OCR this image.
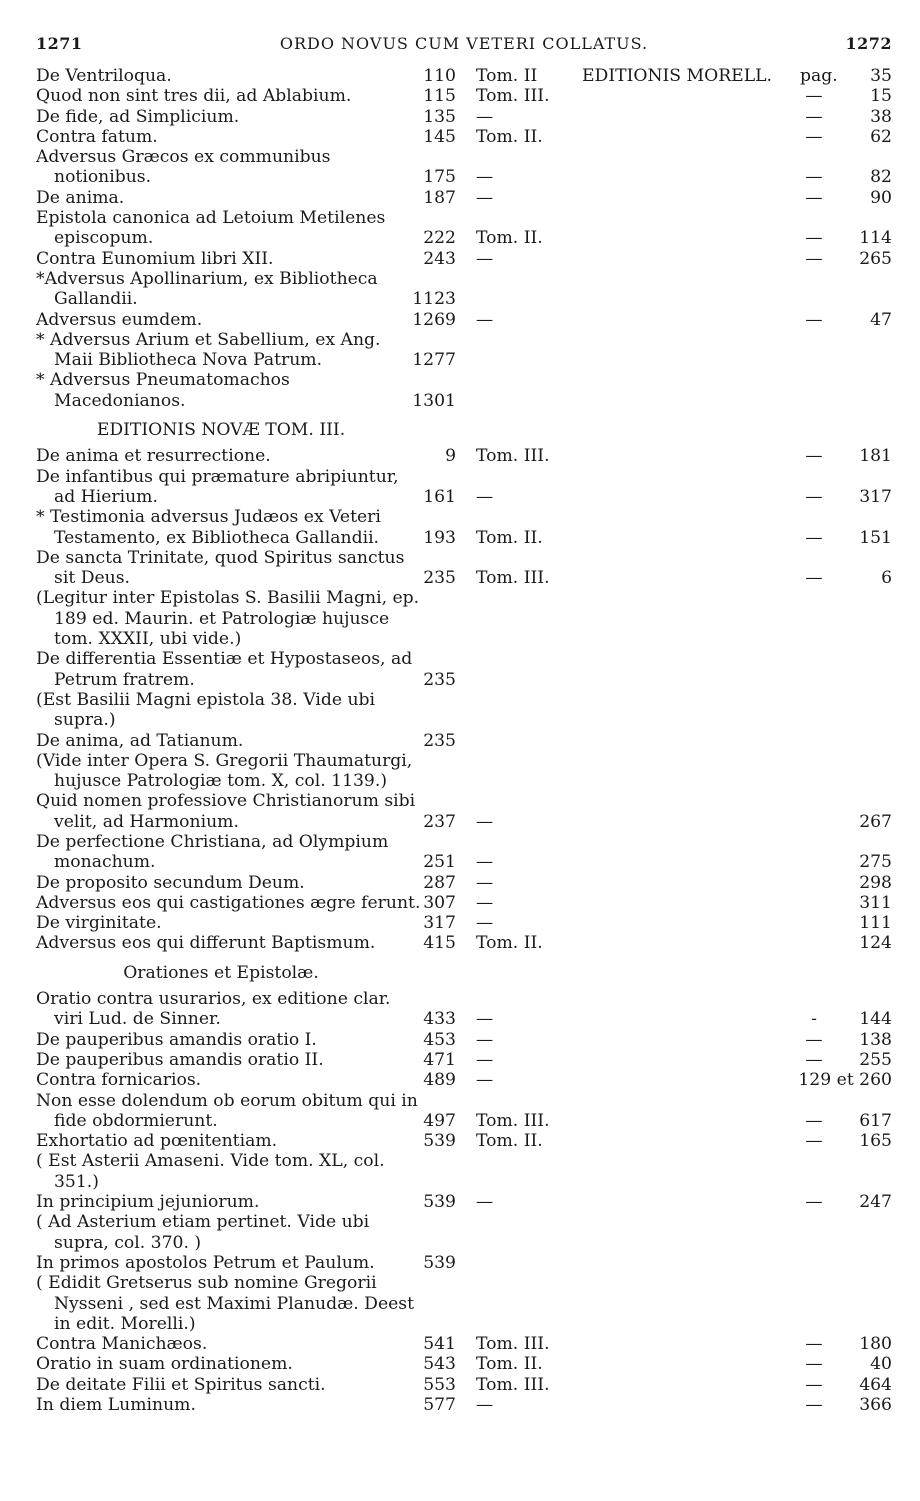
1271	ORDO NOVUS CUM VETERI COLLATUS.	1272
De Ventriloqua.	110 Tom. II	EDITIONIS MORELL.	pag.	35
Quod non sint tres dii, ad Ablabium.	115 Tom. III.	—	15
De fide, ad Simplicium.	135 —	—	38
Contra fatum.	145 Tom. II.	—	62
Adversus Græcos ex communibus notionibus.	175 —	—	82
De anima.	187 —	—	90
Epistola canonica ad Letoium Metilenes episcopum.	222 Tom. II.	—	114
Contra Eunomium libri XII.	243 —	—	265
*Adversus Apollinarium, ex Bibliotheca Gallandii.	1123
Adversus eumdem.	1269 —	—	47
* Adversus Arium et Sabellium, ex Ang. Maii Bibliotheca Nova Patrum.	1277
* Adversus Pneumatomachos Macedonianos.	1301
EDITIONIS NOVÆ TOM. III.
De anima et resurrectione.	9 Tom. III.	—	181
De infantibus qui præmature abripiuntur, ad Hierium.	161 —	—	317
* Testimonia adversus Judæos ex Veteri Testamento, ex Bibliotheca Gallandii.	193 Tom. II.	—	151
De sancta Trinitate, quod Spiritus sanctus sit Deus.	235 Tom. III.	—	6
(Legitur inter Epistolas S. Basilii Magni, ep. 189 ed. Maurin. et Patrologiæ hujusce tom. XXXII, ubi vide.)
De differentia Essentiæ et Hypostaseos, ad Petrum fratrem.	235
(Est Basilii Magni epistola 38. Vide ubi supra.)
De anima, ad Tatianum.	235
(Vide inter Opera S. Gregorii Thaumaturgi, hujusce Patrologiæ tom. X, col. 1139.)
Quid nomen professiove Christianorum sibi velit, ad Harmonium.	237 —	267
De perfectione Christiana, ad Olympium monachum.	251 —	275
De proposito secundum Deum.	287 —	298
Adversus eos qui castigationes ægre ferunt. 307 —	311
De virginitate.	317 —	111
Adversus eos qui differunt Baptismum.	415 Tom. II.	124
Orationes et Epistolæ.
Oratio contra usurarios, ex editione clar. viri Lud. de Sinner.	433 —	-	144
De pauperibus amandis oratio I.	453 —	—	138
De pauperibus amandis oratio II.	471 —	—	255
Contra fornicarios.	489 —	129 et 260
Non esse dolendum ob eorum obitum qui in fide obdormierunt.	497 Tom. III.	—	617
Exhortatio ad pœnitentiam.	539 Tom. II.	—	165
( Est Asterii Amaseni. Vide tom. XL, col. 351.)
In principium jejuniorum.	539 —	—	247
( Ad Asterium etiam pertinet. Vide ubi supra, col. 370. )
In primos apostolos Petrum et Paulum.	539
( Edidit Gretserus sub nomine Gregorii Nysseni , sed est Maximi Planudæ. Deest in edit. Morelli.)
Contra Manichæos.	541 Tom. III.	—	180
Oratio in suam ordinationem.	543 Tom. II.	—	40
De deitate Filii et Spiritus sancti.	553 Tom. III.	—	464
In diem Luminum.	577 —	—	366
